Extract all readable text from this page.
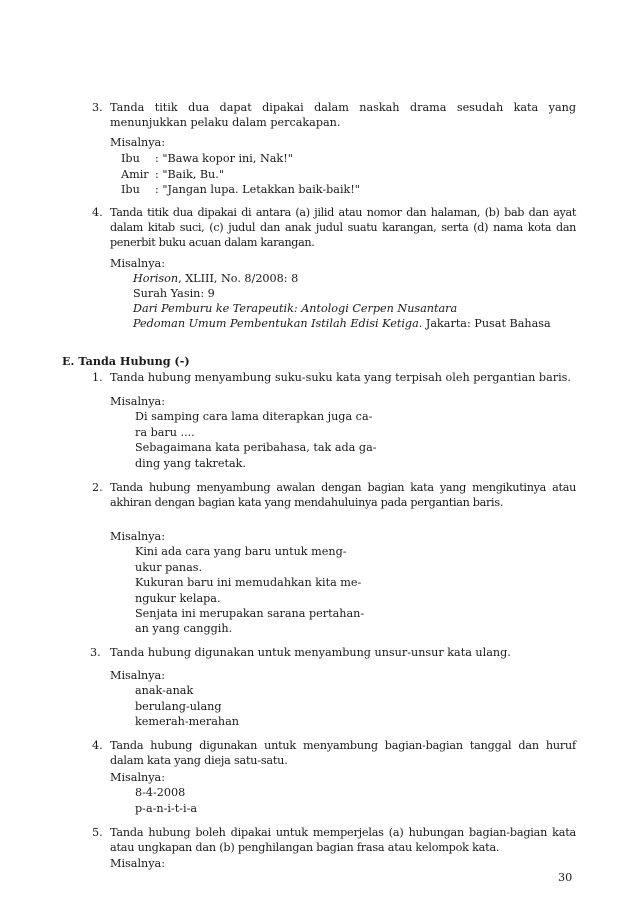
3. Tanda titik dua dapat dipakai dalam naskah drama sesudah kata yang menunjukkan pelaku dalam percakapan.
Misalnya:
Ibu : "Bawa kopor ini, Nak!"
Amir : "Baik, Bu."
Ibu : "Jangan lupa. Letakkan baik-baik!"
4. Tanda titik dua dipakai di antara (a) jilid atau nomor dan halaman, (b) bab dan ayat dalam kitab suci, (c) judul dan anak judul suatu karangan, serta (d) nama kota dan penerbit buku acuan dalam karangan.
Misalnya:
Horison, XLIII, No. 8/2008: 8
Surah Yasin: 9
Dari Pemburu ke Terapeutik: Antologi Cerpen Nusantara
Pedoman Umum Pembentukan Istilah Edisi Ketiga. Jakarta: Pusat Bahasa
E. Tanda Hubung (-)
1. Tanda hubung menyambung suku-suku kata yang terpisah oleh pergantian baris.
Misalnya:
Di samping cara lama diterapkan juga ca-
ra baru ....
Sebagaimana kata peribahasa, tak ada ga-
ding yang takretak.
2. Tanda hubung menyambung awalan dengan bagian kata yang mengikutinya atau akhiran dengan bagian kata yang mendahuluinya pada pergantian baris.
Misalnya:
Kini ada cara yang baru untuk meng-
ukur panas.
Kukuran baru ini memudahkan kita me-
ngukur kelapa.
Senjata ini merupakan sarana pertahan-
an yang canggih.
3. Tanda hubung digunakan untuk menyambung unsur-unsur kata ulang.
Misalnya:
anak-anak
berulang-ulang
kemerah-merahan
4. Tanda hubung digunakan untuk menyambung bagian-bagian tanggal dan huruf dalam kata yang dieja satu-satu.
Misalnya:
8-4-2008
p-a-n-i-t-i-a
5. Tanda hubung boleh dipakai untuk memperjelas (a) hubungan bagian-bagian kata atau ungkapan dan (b) penghilangan bagian frasa atau kelompok kata.
Misalnya:
30
